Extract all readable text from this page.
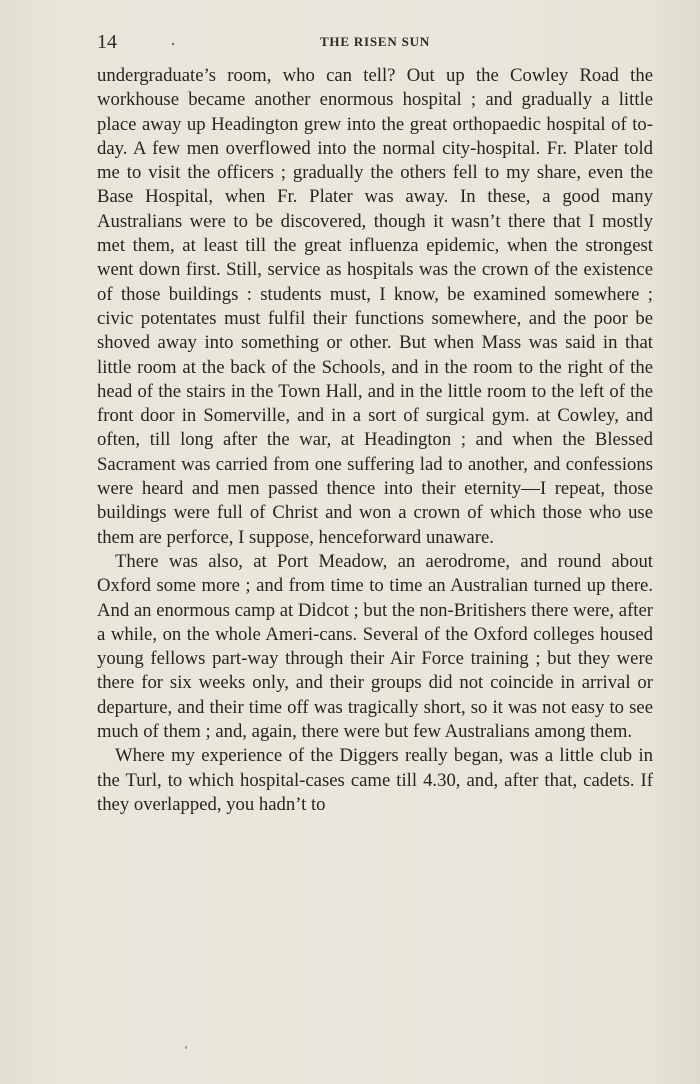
14	.	THE RISEN SUN

undergraduate’s room, who can tell? Out up the Cowley Road the workhouse became another enormous hospital ; and gradually a little place away up Headington grew into the great orthopaedic hospital of to-day. A few men overflowed into the normal city-hospital. Fr. Plater told me to visit the officers ; gradually the others fell to my share, even the Base Hospital, when Fr. Plater was away. In these, a good many Australians were to be discovered, though it wasn’t there that I mostly met them, at least till the great influenza epidemic, when the strongest went down first. Still, service as hospitals was the crown of the existence of those buildings : students must, I know, be examined somewhere ; civic potentates must fulfil their functions somewhere, and the poor be shoved away into something or other. But when Mass was said in that little room at the back of the Schools, and in the room to the right of the head of the stairs in the Town Hall, and in the little room to the left of the front door in Somerville, and in a sort of surgical gym. at Cowley, and often, till long after the war, at Headington ; and when the Blessed Sacrament was carried from one suffering lad to another, and confessions were heard and men passed thence into their eternity—I repeat, those buildings were full of Christ and won a crown of which those who use them are perforce, I suppose, henceforward unaware.

There was also, at Port Meadow, an aerodrome, and round about Oxford some more ; and from time to time an Australian turned up there. And an enormous camp at Didcot ; but the non-Britishers there were, after a while, on the whole Ameri-cans. Several of the Oxford colleges housed young fellows part-way through their Air Force training ; but they were there for six weeks only, and their groups did not coincide in arrival or departure, and their time off was tragically short, so it was not easy to see much of them ; and, again, there were but few Australians among them.

Where my experience of the Diggers really began, was a little club in the Turl, to which hospital-cases came till 4.30, and, after that, cadets. If they overlapped, you hadn’t to
